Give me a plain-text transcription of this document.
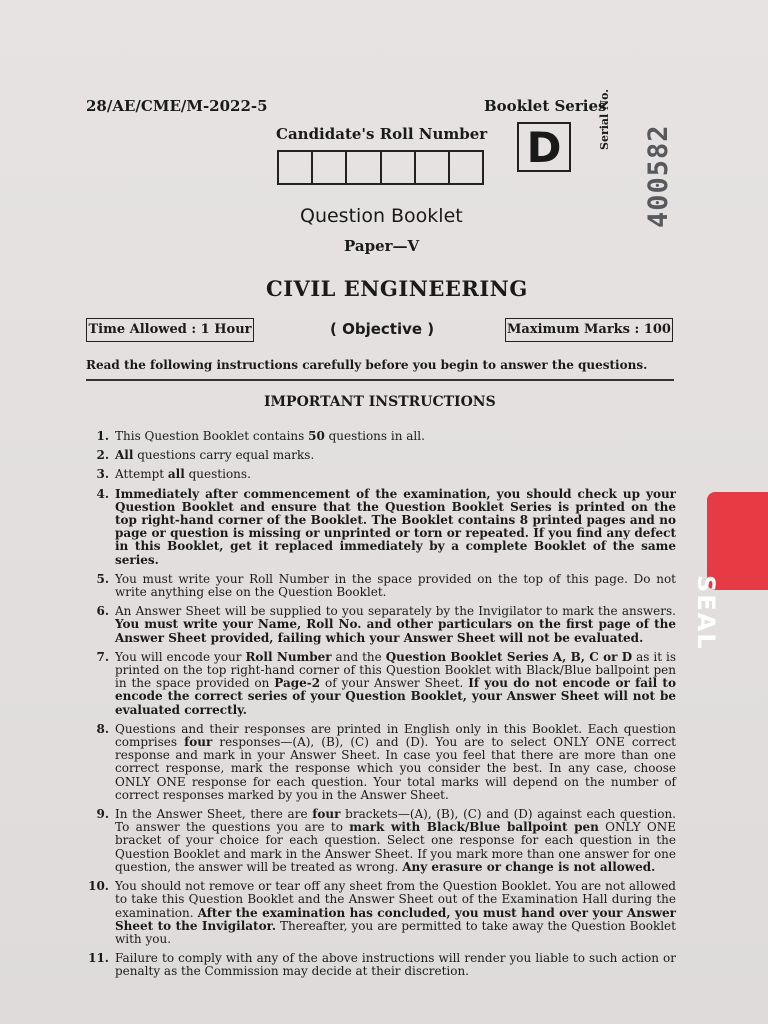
28/AE/CME/M-2022-5	Booklet Series
Candidate's Roll Number D	Serial No.
400582
Question Booklet
Paper—V
CIVIL ENGINEERING
Time Allowed : 1 Hour	( Objective )	Maximum Marks : 100
Read the following instructions carefully before you begin to answer the questions.
IMPORTANT INSTRUCTIONS
1. This Question Booklet contains 50 questions in all.
2. All questions carry equal marks.
3. Attempt all questions.
4. Immediately after commencement of the examination, you should check up your Question Booklet and ensure that the Question Booklet Series is printed on the top right-hand corner of the Booklet. The Booklet contains 8 printed pages and no page or question is missing or unprinted or torn or repeated. If you find any defect in this Booklet, get it replaced immediately by a complete Booklet of the same series.
5. You must write your Roll Number in the space provided on the top of this page. Do not write anything else on the Question Booklet.
6. An Answer Sheet will be supplied to you separately by the Invigilator to mark the answers. You must write your Name, Roll No. and other particulars on the first page of the Answer Sheet provided, failing which your Answer Sheet will not be evaluated.
7. You will encode your Roll Number and the Question Booklet Series A, B, C or D as it is printed on the top right-hand corner of this Question Booklet with Black/Blue ballpoint pen in the space provided on Page-2 of your Answer Sheet. If you do not encode or fail to encode the correct series of your Question Booklet, your Answer Sheet will not be evaluated correctly.
8. Questions and their responses are printed in English only in this Booklet. Each question comprises four responses—(A), (B), (C) and (D). You are to select ONLY ONE correct response and mark in your Answer Sheet. In case you feel that there are more than one correct response, mark the response which you consider the best. In any case, choose ONLY ONE response for each question. Your total marks will depend on the number of correct responses marked by you in the Answer Sheet.
9. In the Answer Sheet, there are four brackets—(A), (B), (C) and (D) against each question. To answer the questions you are to mark with Black/Blue ballpoint pen ONLY ONE bracket of your choice for each question. Select one response for each question in the Question Booklet and mark in the Answer Sheet. If you mark more than one answer for one question, the answer will be treated as wrong. Any erasure or change is not allowed.
10. You should not remove or tear off any sheet from the Question Booklet. You are not allowed to take this Question Booklet and the Answer Sheet out of the Examination Hall during the examination. After the examination has concluded, you must hand over your Answer Sheet to the Invigilator. Thereafter, you are permitted to take away the Question Booklet with you.
11. Failure to comply with any of the above instructions will render you liable to such action or penalty as the Commission may decide at their discretion.
SEAL
